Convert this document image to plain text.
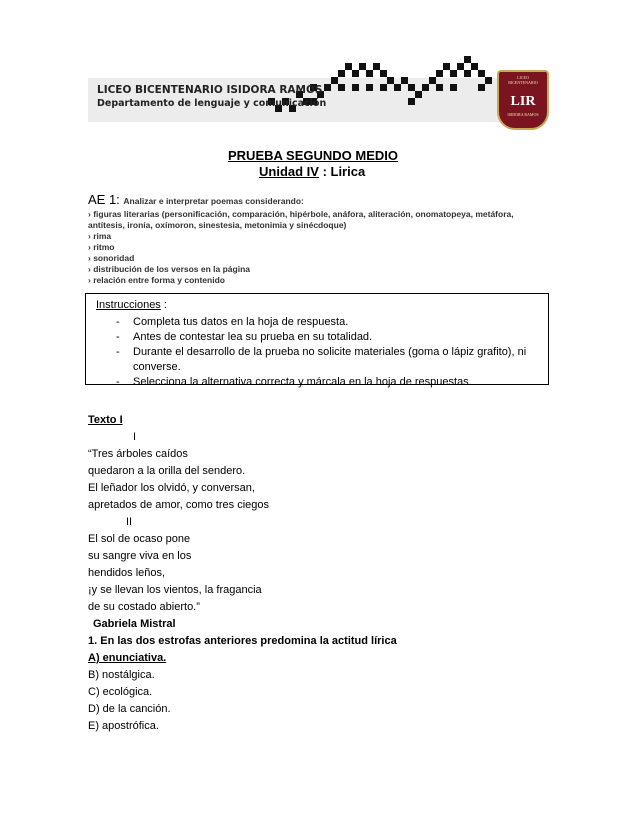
LICEO BICENTENARIO ISIDORA RAMOS
Departamento de lenguaje y comunicación
LICEO BICENTENARIO
LIR
ISIDORA RAMOS
PRUEBA SEGUNDO MEDIO
Unidad IV : Lirica
AE 1: Analizar e interpretar poemas considerando:
› figuras literarias (personificación, comparación, hipérbole, anáfora, aliteración, onomatopeya, metáfora, antítesis, ironía, oxímoron, sinestesia, metonimia y sinécdoque)
› rima
› ritmo
› sonoridad
› distribución de los versos en la página
› relación entre forma y contenido
Instrucciones :
- Completa tus datos en la hoja de respuesta.
- Antes de contestar lea su prueba en su totalidad.
- Durante el desarrollo de la prueba no solicite materiales (goma o lápiz grafito), ni converse.
- Selecciona la alternativa correcta y márcala en la hoja de respuestas.
Texto I
I
“Tres árboles caídos
quedaron a la orilla del sendero.
El leñador los olvidó, y conversan,
apretados de amor, como tres ciegos
II
El sol de ocaso pone
su sangre viva en los
hendidos leños,
¡y se llevan los vientos, la fragancia
de su costado abierto.”
Gabriela Mistral
1. En las dos estrofas anteriores predomina la actitud lírica
A) enunciativa.
B) nostálgica.
C) ecológica.
D) de la canción.
E) apostrófica.
